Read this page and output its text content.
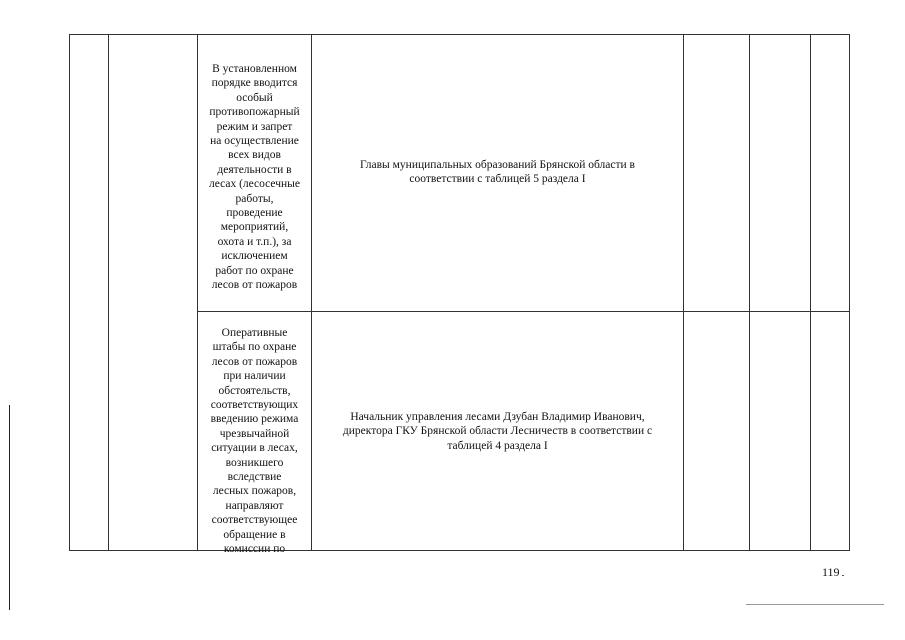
В установленном
порядке вводится
особый
противопожарный
режим и запрет
на осуществление
всех видов
деятельности в
лесах (лесосечные
работы,
проведение
мероприятий,
охота и т.п.), за
исключением
работ по охране
лесов от пожаров
Главы муниципальных образований Брянской области в
соответствии с таблицей 5 раздела I
Оперативные
штабы по охране
лесов от пожаров
при наличии
обстоятельств,
соответствующих
введению режима
чрезвычайной
ситуации в лесах,
возникшего
вследствие
лесных пожаров,
направляют
соответствующее
обращение в
комиссии по
Начальник управления лесами Дзубан Владимир Иванович,
директора ГКУ Брянской области Лесничеств в соответствии с
таблицей 4 раздела I
119
